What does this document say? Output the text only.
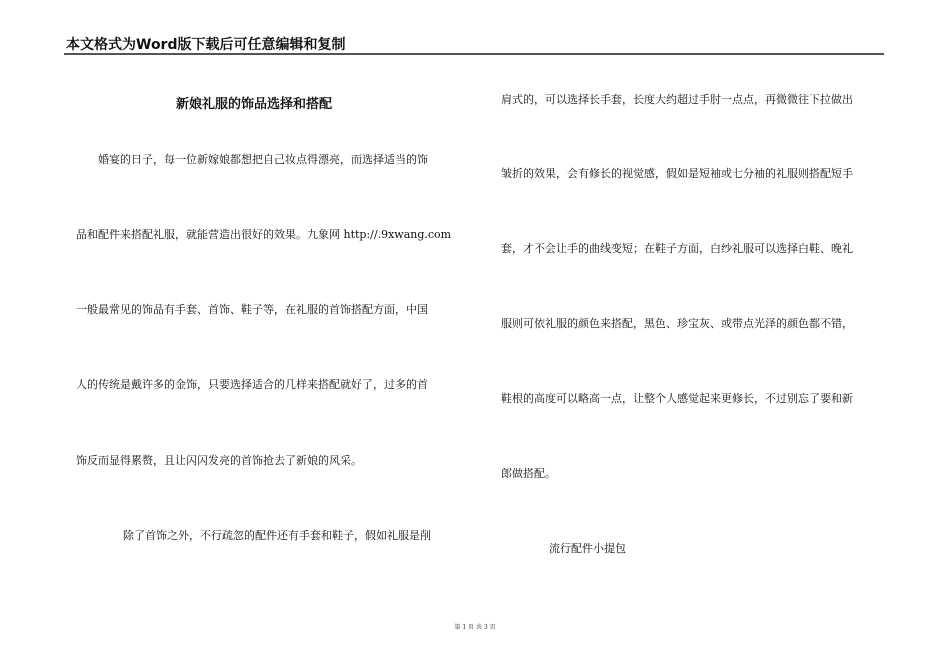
本文格式为Word版下载后可任意编辑和复制
新娘礼服的饰品选择和搭配
婚宴的日子，每一位新嫁娘都想把自己妆点得漂亮，而选择适当的饰
品和配件来搭配礼服，就能营造出很好的效果。九象网 http://.9xwang.com
一般最常见的饰品有手套、首饰、鞋子等，在礼服的首饰搭配方面，中国
人的传统是戴许多的金饰，只要选择适合的几样来搭配就好了，过多的首
饰反而显得累赘，且让闪闪发亮的首饰抢去了新娘的风采。
除了首饰之外，不行疏忽的配件还有手套和鞋子，假如礼服是削
肩式的，可以选择长手套，长度大约超过手肘一点点，再微微往下拉做出
皱折的效果，会有修长的视觉感，假如是短袖或七分袖的礼服则搭配短手
套，才不会让手的曲线变短；在鞋子方面，白纱礼服可以选择白鞋、晚礼
服则可依礼服的颜色来搭配，黑色、珍宝灰、或带点光泽的颜色都不错，
鞋根的高度可以略高一点，让整个人感觉起来更修长，不过别忘了要和新
郎做搭配。
流行配件小提包
第 1 页 共 3 页
